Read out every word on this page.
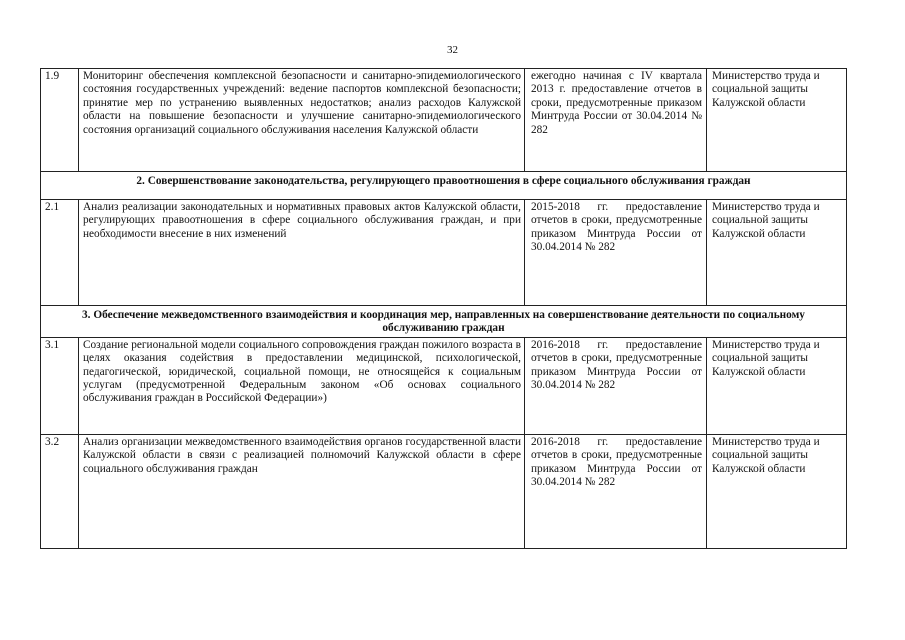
32
1.9	Мониторинг обеспечения комплексной безопасности и санитарно-эпидемиологического состояния государственных учреждений: ведение паспортов комплексной безопасности; принятие мер по устранению выявленных недостатков; анализ расходов Калужской области на повышение безопасности и улучшение санитарно-эпидемиологического состояния организаций социального обслуживания населения Калужской области	ежегодно начиная с IV квартала 2013 г. предоставление отчетов в сроки, предусмотренные приказом Минтруда России от 30.04.2014 № 282	Министерство труда и социальной защиты Калужской области
2. Совершенствование законодательства, регулирующего правоотношения в сфере социального обслуживания граждан			
2.1	Анализ реализации законодательных и нормативных правовых актов Калужской области, регулирующих правоотношения в сфере социального обслуживания граждан, и при необходимости внесение в них изменений	2015-2018 гг. предоставление отчетов в сроки, предусмотренные приказом Минтруда России от 30.04.2014 № 282	Министерство труда и социальной защиты Калужской области
3. Обеспечение межведомственного взаимодействия и координация мер, направленных на совершенствование деятельности по социальному обслуживанию граждан			
3.1	Создание региональной модели социального сопровождения граждан пожилого возраста в целях оказания содействия в предоставлении медицинской, психологической, педагогической, юридической, социальной помощи, не относящейся к социальным услугам (предусмотренной Федеральным законом «Об основах социального обслуживания граждан в Российской Федерации»)	2016-2018 гг. предоставление отчетов в сроки, предусмотренные приказом Минтруда России от 30.04.2014 № 282	Министерство труда и социальной защиты Калужской области
3.2	Анализ организации межведомственного взаимодействия органов государственной власти Калужской области в связи с реализацией полномочий Калужской области в сфере социального обслуживания граждан	2016-2018 гг. предоставление отчетов в сроки, предусмотренные приказом Минтруда России от 30.04.2014 № 282	Министерство труда и социальной защиты Калужской области
